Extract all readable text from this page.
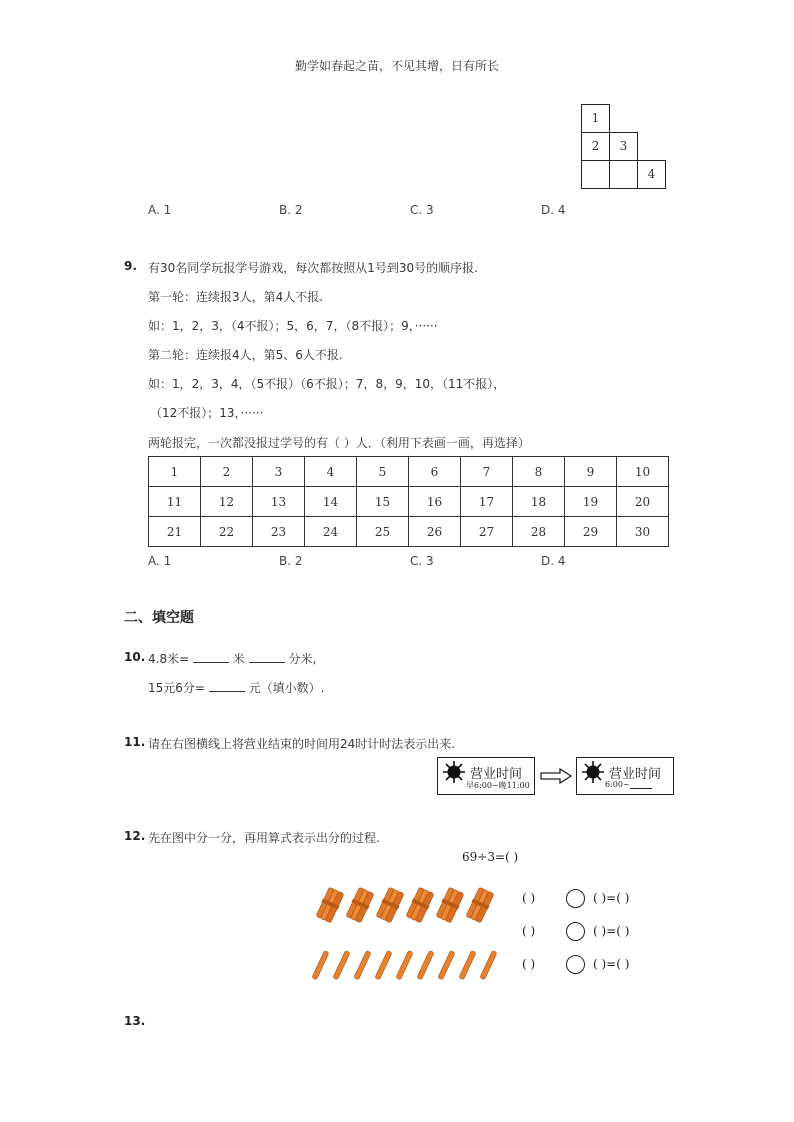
勤学如春起之苗，不见其增，日有所长
1
2	3
4
A. 1	B. 2	C. 3	D. 4
9. 有30名同学玩报学号游戏，每次都按照从1号到30号的顺序报.
第一轮：连续报3人，第4人不报.
如：1，2，3，（4不报）；5，6，7，（8不报）；9，······
第二轮：连续报4人，第5、6人不报.
如：1，2，3，4，（5不报）（6不报）；7，8，9，10，（11不报），
（12不报）；13，······
两轮报完，一次都没报过学号的有（ ）人．（利用下表画一画，再选择）
1	2	3	4	5	6	7	8	9	10
11	12	13	14	15	16	17	18	19	20
21	22	23	24	25	26	27	28	29	30
A. 1	B. 2	C. 3	D. 4
二、填空题
10. 4.8米=	米	分米,
15元6分=	元（填小数）.
11. 请在右图横线上将营业结束的时间用24时计时法表示出来.
营业时间
早6:00~晚11:00
营业时间
6:00~
12. 先在图中分一分，再用算式表示出分的过程.
69÷3=( )
( )	( )=( )
( )	( )=( )
( )	( )=( )
13.
